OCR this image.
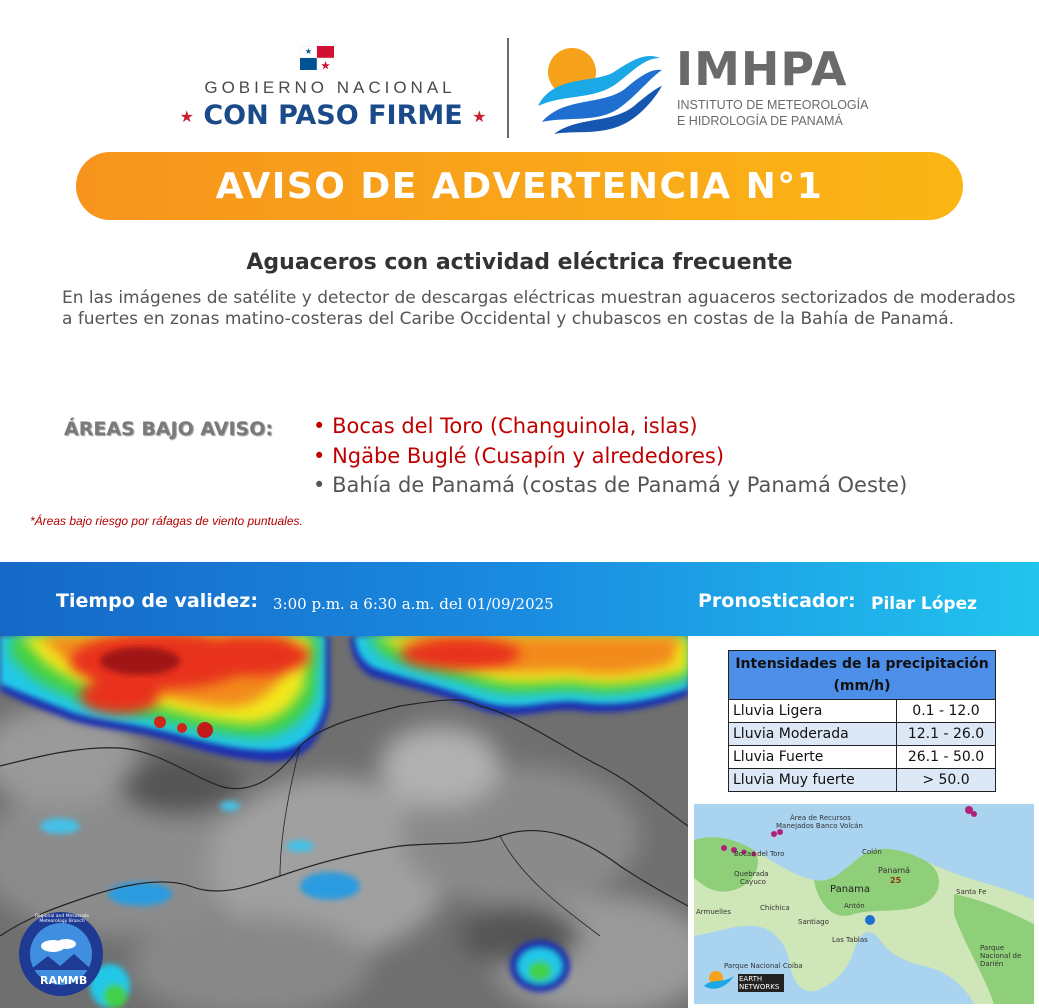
GOBIERNO NACIONAL
★ CON PASO FIRME ★
IMHPA
INSTITUTO DE METEOROLOGÍA
E HIDROLOGÍA DE PANAMÁ
AVISO DE ADVERTENCIA N°1
Aguaceros con actividad eléctrica frecuente
En las imágenes de satélite y detector de descargas eléctricas muestran aguaceros sectorizados de moderados a fuertes en zonas matino-costeras del Caribe Occidental y chubascos en costas de la Bahía de Panamá.
ÁREAS BAJO AVISO: • Bocas del Toro (Changuinola, islas)
• Ngäbe Buglé (Cusapín y alrededores)
• Bahía de Panamá (costas de Panamá y Panamá Oeste)
*Áreas bajo riesgo por ráfagas de viento puntuales.
Tiempo de validez: 3:00 p.m. a 6:30 a.m. del 01/09/2025	Pronosticador: Pilar López
RAMMB
Regional and Mesoscale Meteorology Branch
Intensidades de la precipitación
(mm/h)	

Lluvia Ligera	0.1 - 12.0
Lluvia Moderada	12.1 - 26.0
Lluvia Fuerte	26.1 - 50.0
Lluvia Muy fuerte	> 50.0
Área de Recursos
Manejados Banco Volcán
Bocas del Toro	Colón
Panamá
25
Panama	Santa Fe
Quebrada
Cayuco
Antón
Chichica
Santiago
Las Tablas
Armuelles
Parque Nacional de Darién
Parque Nacional Coiba
EARTH NETWORKS
